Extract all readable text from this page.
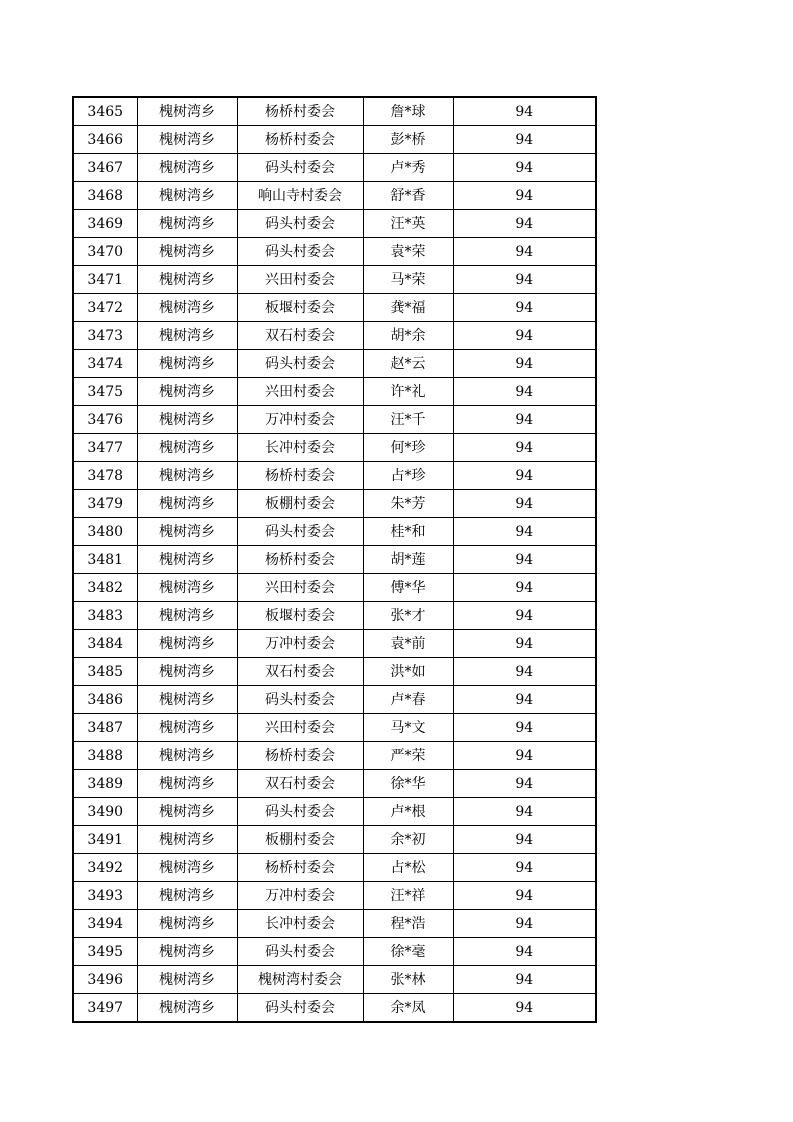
3465	槐树湾乡	杨桥村委会	詹*球	94
3466	槐树湾乡	杨桥村委会	彭*桥	94
3467	槐树湾乡	码头村委会	卢*秀	94
3468	槐树湾乡	响山寺村委会	舒*香	94
3469	槐树湾乡	码头村委会	汪*英	94
3470	槐树湾乡	码头村委会	袁*荣	94
3471	槐树湾乡	兴田村委会	马*荣	94
3472	槐树湾乡	板堰村委会	龚*福	94
3473	槐树湾乡	双石村委会	胡*余	94
3474	槐树湾乡	码头村委会	赵*云	94
3475	槐树湾乡	兴田村委会	许*礼	94
3476	槐树湾乡	万冲村委会	汪*千	94
3477	槐树湾乡	长冲村委会	何*珍	94
3478	槐树湾乡	杨桥村委会	占*珍	94
3479	槐树湾乡	板棚村委会	朱*芳	94
3480	槐树湾乡	码头村委会	桂*和	94
3481	槐树湾乡	杨桥村委会	胡*莲	94
3482	槐树湾乡	兴田村委会	傅*华	94
3483	槐树湾乡	板堰村委会	张*才	94
3484	槐树湾乡	万冲村委会	袁*前	94
3485	槐树湾乡	双石村委会	洪*如	94
3486	槐树湾乡	码头村委会	卢*春	94
3487	槐树湾乡	兴田村委会	马*文	94
3488	槐树湾乡	杨桥村委会	严*荣	94
3489	槐树湾乡	双石村委会	徐*华	94
3490	槐树湾乡	码头村委会	卢*根	94
3491	槐树湾乡	板棚村委会	余*初	94
3492	槐树湾乡	杨桥村委会	占*松	94
3493	槐树湾乡	万冲村委会	汪*祥	94
3494	槐树湾乡	长冲村委会	程*浩	94
3495	槐树湾乡	码头村委会	徐*毫	94
3496	槐树湾乡	槐树湾村委会	张*林	94
3497	槐树湾乡	码头村委会	余*凤	94
